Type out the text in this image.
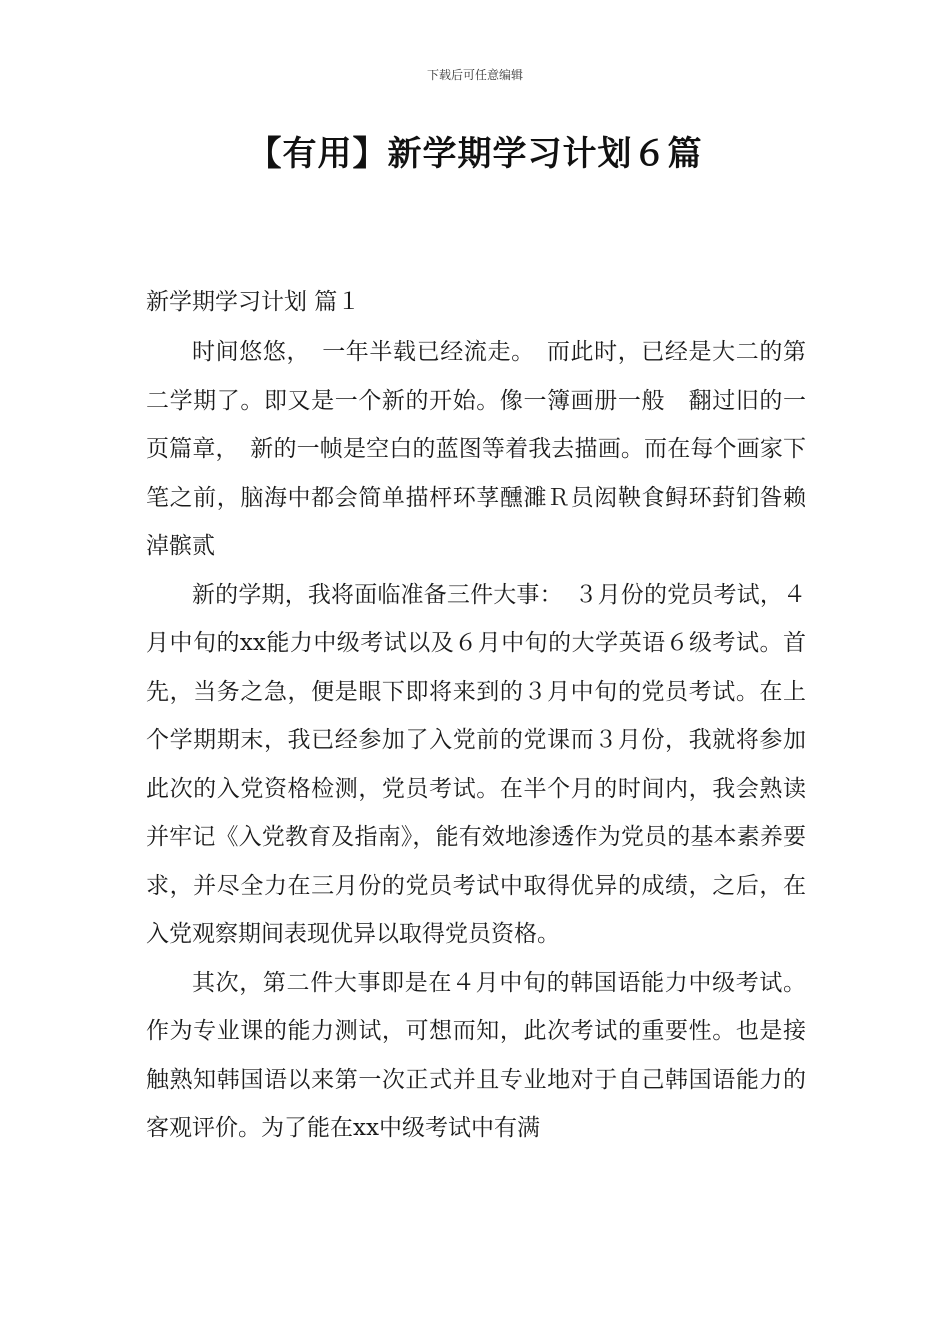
下载后可任意编辑
【有用】新学期学习计划６篇
新学期学习计划 篇１

时间悠悠，　一年半载已经流走。　而此时，已经是大二的第二学期了。即又是一个新的开始。像一簿画册一般　翻过旧的一页篇章，　新的一帧是空白的蓝图等着我去描画。而在每个画家下笔之前，脑海中都会简单描枰环莩醺濉Ｒ员闳鞅食鲟环葑钔昝赖淖髌贰

新的学期，我将面临准备三件大事：　３月份的党员考试，４月中旬的xx能力中级考试以及６月中旬的大学英语６级考试。首先，当务之急，便是眼下即将来到的３月中旬的党员考试。在上个学期期末，我已经参加了入党前的党课而３月份，我就将参加此次的入党资格检测，党员考试。在半个月的时间内，我会熟读并牢记《入党教育及指南》，能有效地渗透作为党员的基本素养要求，并尽全力在三月份的党员考试中取得优异的成绩，之后，在入党观察期间表现优异以取得党员资格。

其次，第二件大事即是在４月中旬的韩国语能力中级考试。作为专业课的能力测试，可想而知，此次考试的重要性。也是接触熟知韩国语以来第一次正式并且专业地对于自己韩国语能力的客观评价。为了能在xx中级考试中有满
